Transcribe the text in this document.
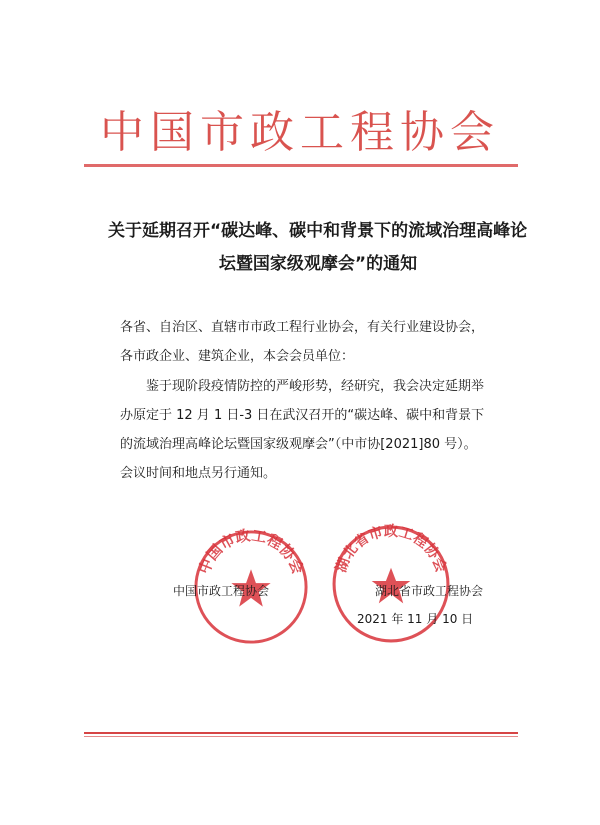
中国市政工程协会
关于延期召开“碳达峰、碳中和背景下的流域治理高峰论
坛暨国家级观摩会”的通知
各省、自治区、直辖市市政工程行业协会，有关行业建设协会，
各市政企业、建筑企业，本会会员单位：
鉴于现阶段疫情防控的严峻形势，经研究，我会决定延期举
办原定于 12 月 1 日-3 日在武汉召开的“碳达峰、碳中和背景下
的流域治理高峰论坛暨国家级观摩会”（中市协[2021]80 号）。
会议时间和地点另行通知。
中国市政工程协会 湖北省市政工程协会
中国市政工程协会	湖北省市政工程协会
2021 年 11 月 10 日
